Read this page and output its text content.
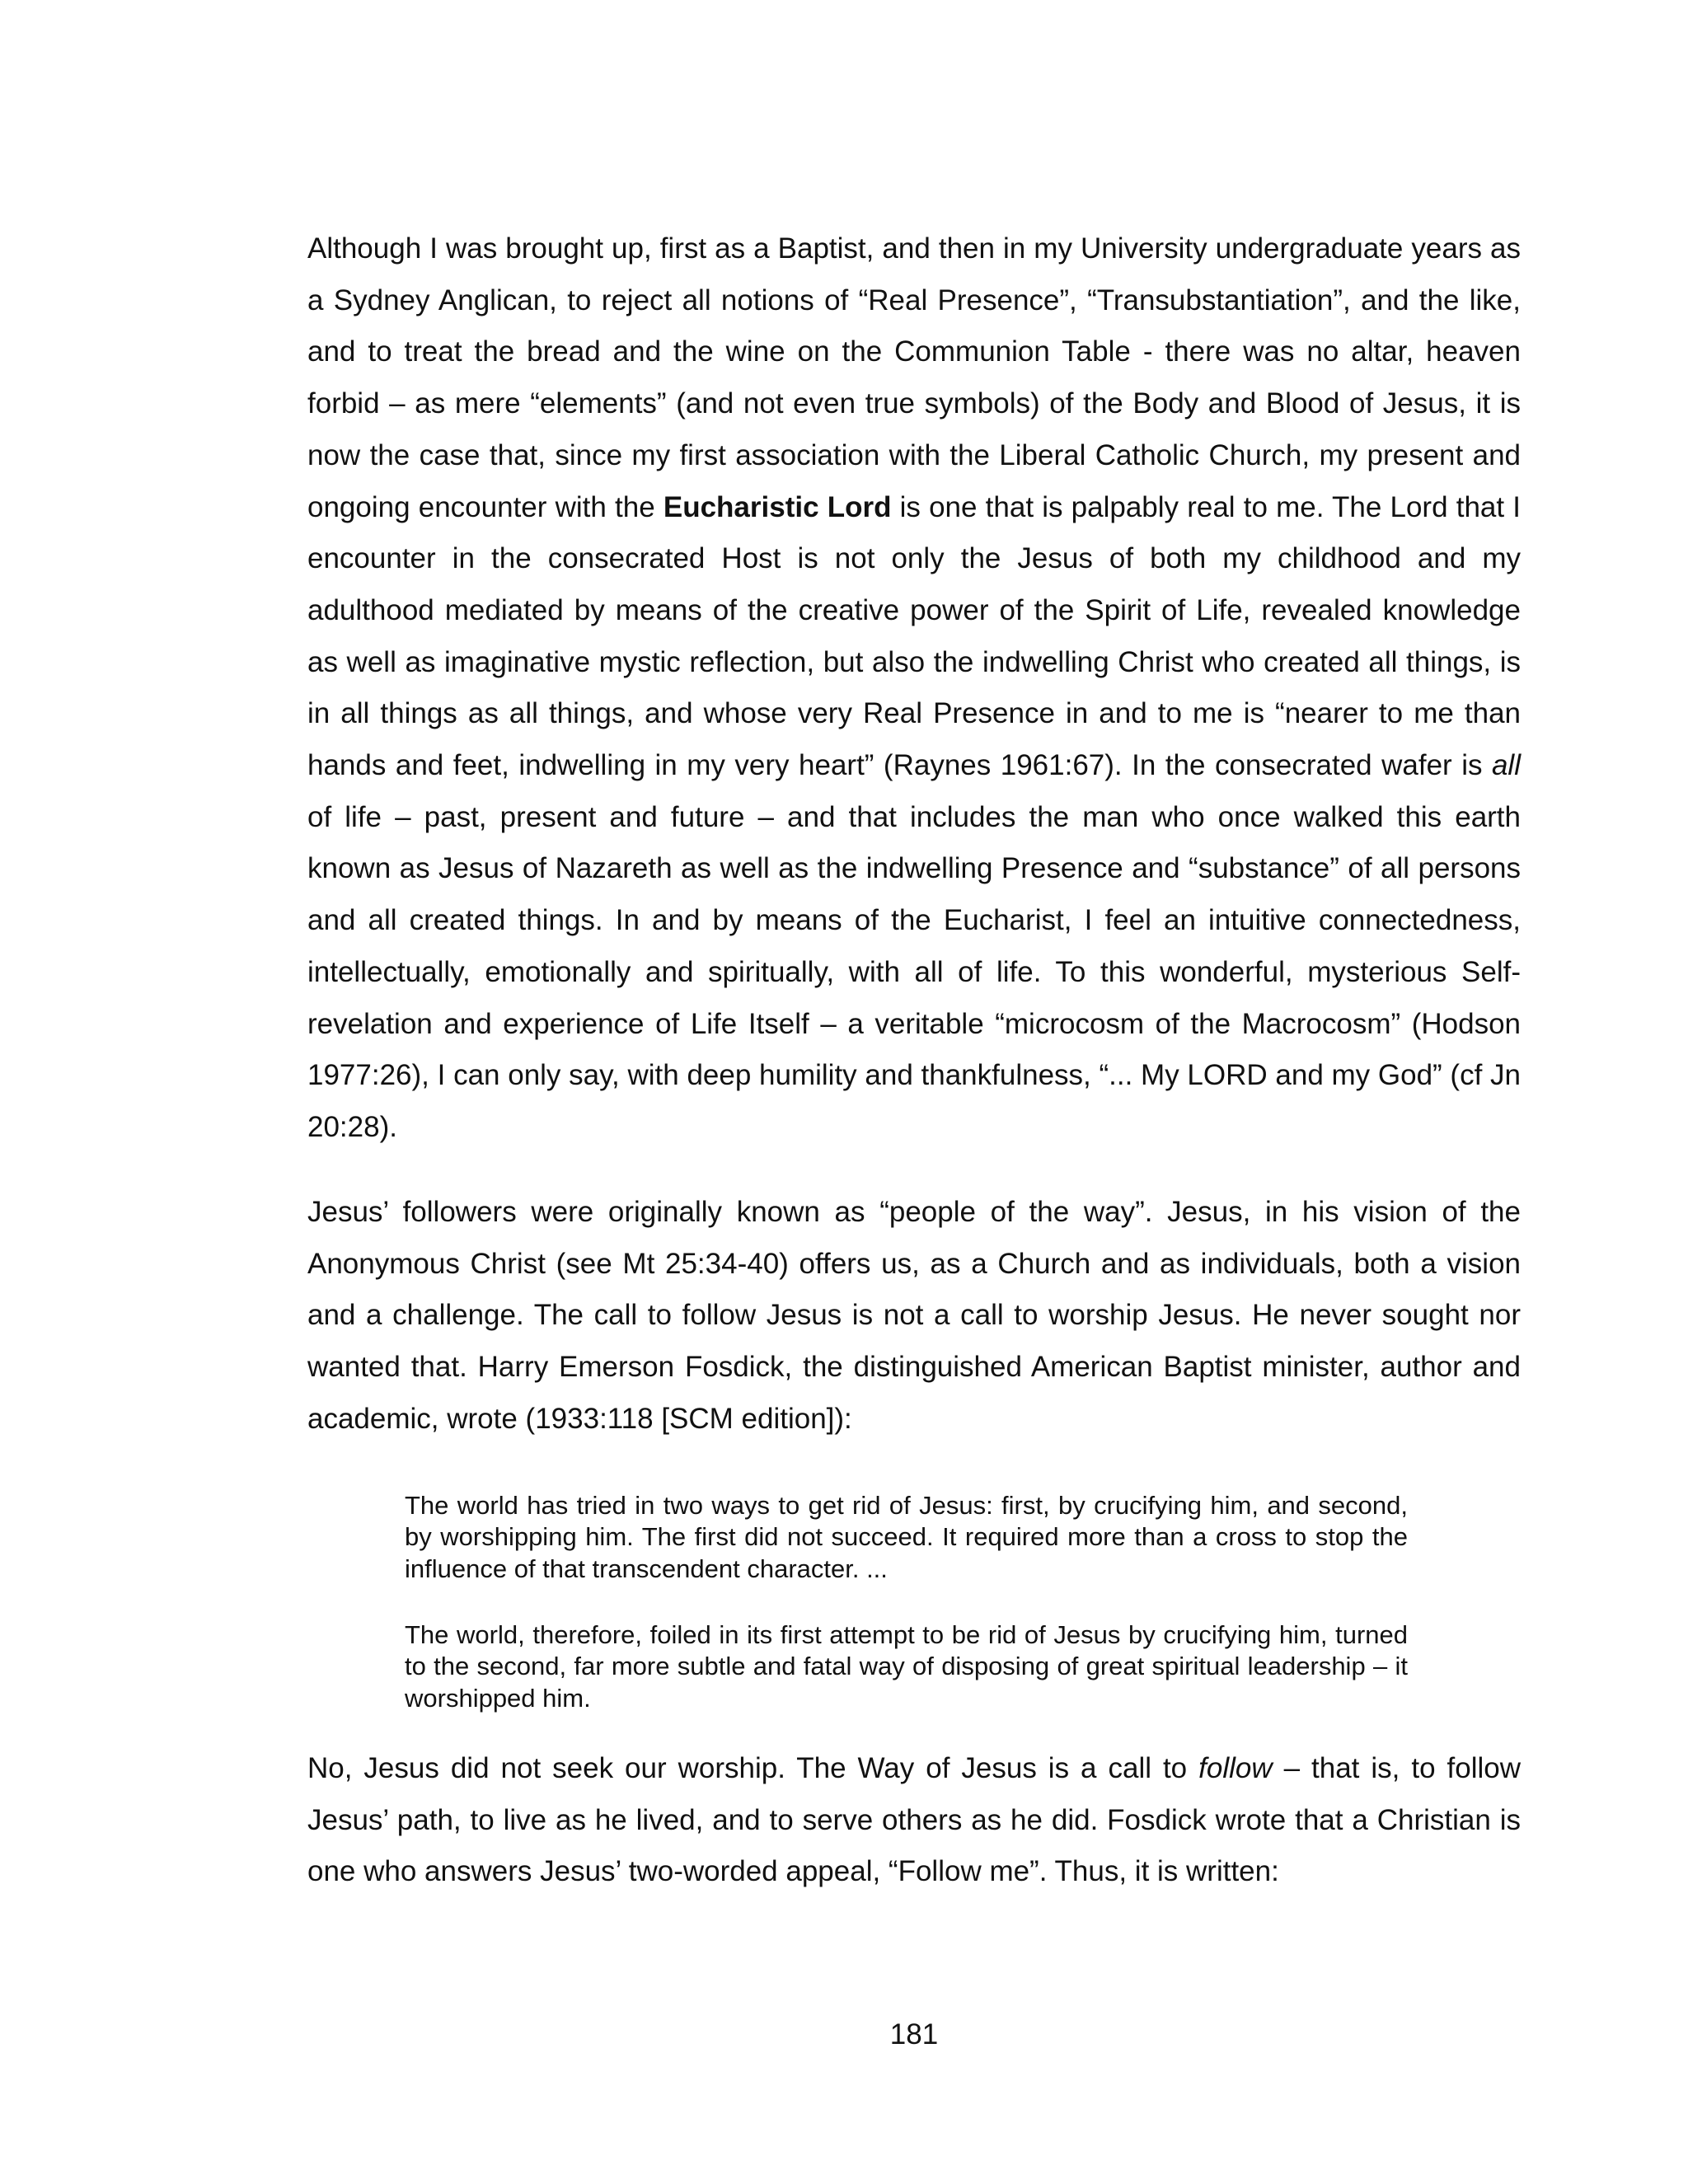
Although I was brought up, first as a Baptist, and then in my University undergraduate years as a Sydney Anglican, to reject all notions of “Real Presence”, “Transubstantiation”, and the like, and to treat the bread and the wine on the Communion Table - there was no altar, heaven forbid – as mere “elements” (and not even true symbols) of the Body and Blood of Jesus, it is now the case that, since my first association with the Liberal Catholic Church, my present and ongoing encounter with the Eucharistic Lord is one that is palpably real to me. The Lord that I encounter in the consecrated Host is not only the Jesus of both my childhood and my adulthood mediated by means of the creative power of the Spirit of Life, revealed knowledge as well as imaginative mystic reflection, but also the indwelling Christ who created all things, is in all things as all things, and whose very Real Presence in and to me is “nearer to me than hands and feet, indwelling in my very heart” (Raynes 1961:67). In the consecrated wafer is all of life – past, present and future – and that includes the man who once walked this earth known as Jesus of Nazareth as well as the indwelling Presence and “substance” of all persons and all created things. In and by means of the Eucharist, I feel an intuitive connectedness, intellectually, emotionally and spiritually, with all of life. To this wonderful, mysterious Self-revelation and experience of Life Itself – a veritable “microcosm of the Macrocosm” (Hodson 1977:26), I can only say, with deep humility and thankfulness, “... My LORD and my God” (cf Jn 20:28).

Jesus’ followers were originally known as “people of the way”. Jesus, in his vision of the Anonymous Christ (see Mt 25:34-40) offers us, as a Church and as individuals, both a vision and a challenge. The call to follow Jesus is not a call to worship Jesus. He never sought nor wanted that. Harry Emerson Fosdick, the distinguished American Baptist minister, author and academic, wrote (1933:118 [SCM edition]):

The world has tried in two ways to get rid of Jesus: first, by crucifying him, and second, by worshipping him. The first did not succeed. It required more than a cross to stop the influence of that transcendent character. ...

The world, therefore, foiled in its first attempt to be rid of Jesus by crucifying him, turned to the second, far more subtle and fatal way of disposing of great spiritual leadership – it worshipped him.

No, Jesus did not seek our worship. The Way of Jesus is a call to follow – that is, to follow Jesus’ path, to live as he lived, and to serve others as he did. Fosdick wrote that a Christian is one who answers Jesus’ two-worded appeal, “Follow me”. Thus, it is written:

181
